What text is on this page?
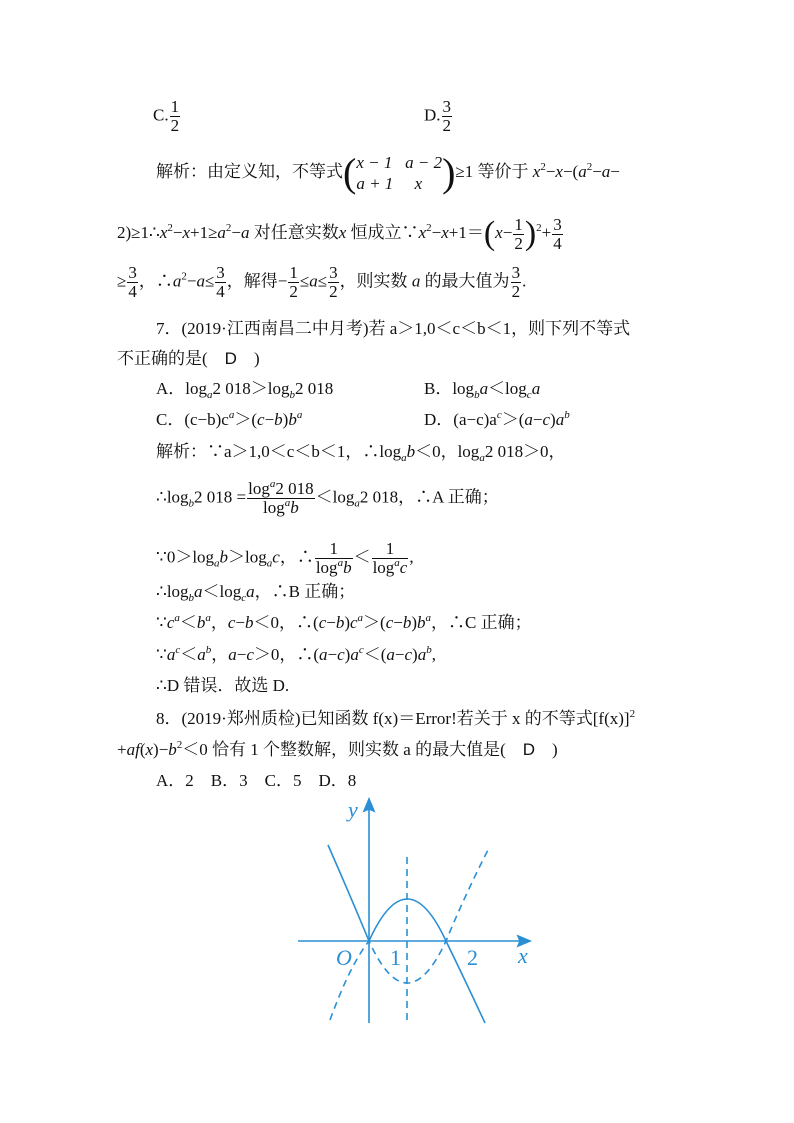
C. $\frac{1}{2}$	D. $\frac{3}{2}$
解析：由定义知，不等式( x − 1 a − 2
a + 1 x )≥1 等价于 $x^2-x-(a^2-a-$
$2)\ge 1\therefore x^2-x+1\ge a^2-a$ 对任意实数x 恒成立$\because x^2-x+1=(x- \frac{1}{2} )^2+ \frac{3}{4}$
≥ $\frac{3}{4}$ ，$\therefore a^2-a\le \frac{3}{4}$ ，解得− $\frac{1}{2} \le a\le \frac{3}{2}$ ，则实数 a 的最大值为 $\frac{3}{2}$ .
7．(2019·江西南昌二中月考)若 a＞1,0＜c＜b＜1，则下列不等式
不正确的是(　 D　 )
A．$\log_a2$ $018>\log_b2$ 018	B．$\log_ba<\log_ca$
C．$(c-b)c^a>(c-b)b^a$	D．$(a-c)a^c>(a-c)a^b$
解析：∵a＞1,0＜c＜b＜1，$\therefore\log_ab<0$，$\log_a2$ 018＞0，
$\therefore\log_b2$ $018 = \frac{\log^a2 018}{\log^ab} <\log_a2$ 018，∴A 正确；
$\because 0>\log_ab>\log_ac$，∴ $\frac{1}{\log^ab} < \frac{1}{\log^ac}$ ,
$\therefore\log_ba<\log_ca$，∴B 正确；
$\because c^a<b^a$，c−b＜0，$\therefore(c-b)c^a>(c-b)b^a$，∴C 正确；
$\because a^c<a^b$，a−c＞0，$\therefore(a-c)a^c<(a-c)a^b$,
∴D 错误．故选 D.
8．(2019·郑州质检)已知函数 f(x)＝Error!若关于 x 的不等式$[f(x)]^2$
$+af(x)-b^2<0$ 恰有 1 个整数解，则实数 a 的最大值是(　 D　 )
A．2　B．3　C．5　D．8
y
x
O 1	2
